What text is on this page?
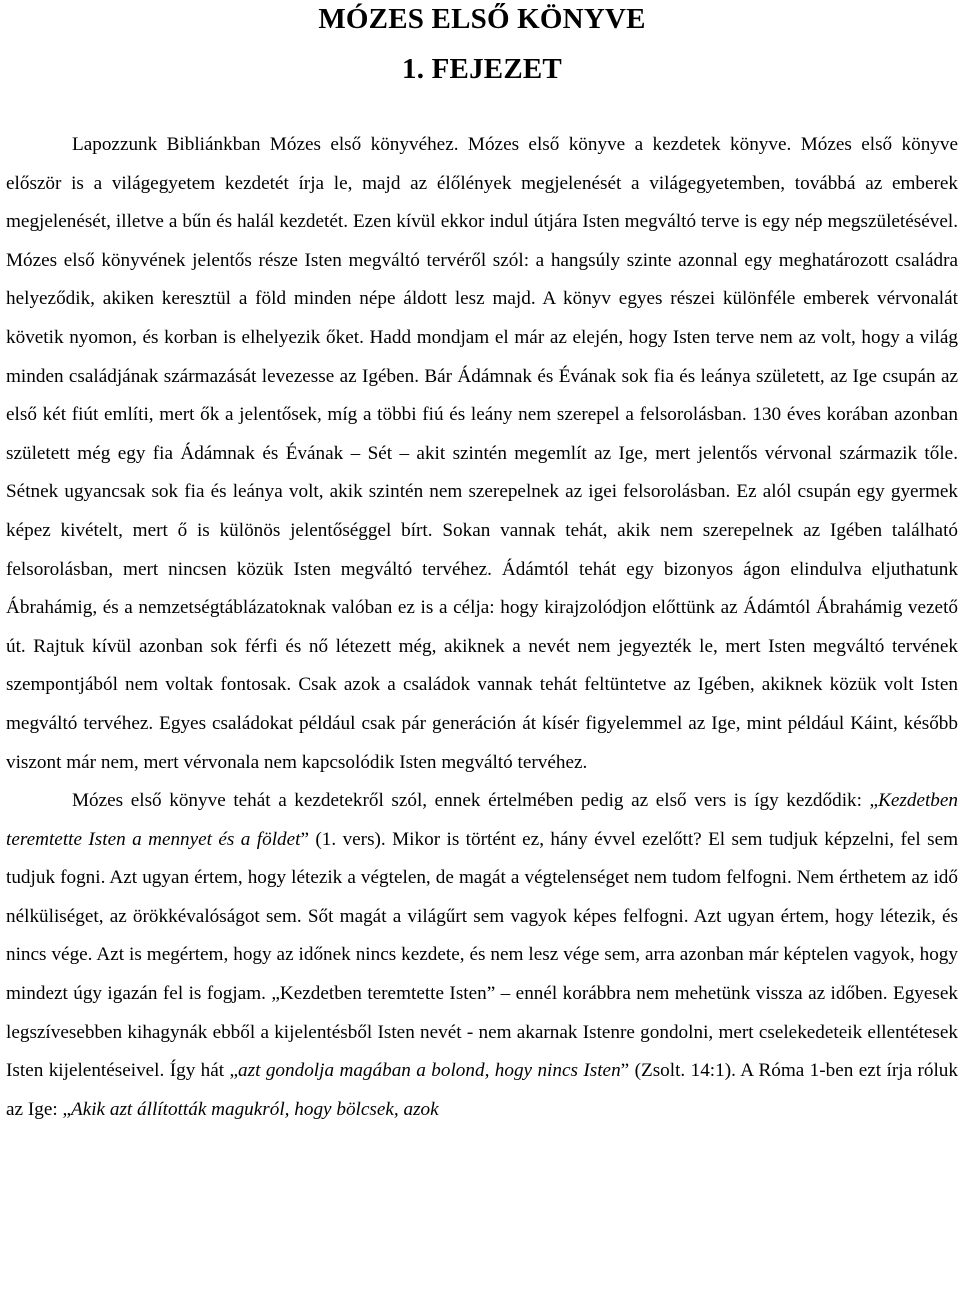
MÓZES ELSŐ KÖNYVE
1. FEJEZET

Lapozzunk Bibliánkban Mózes első könyvéhez. Mózes első könyve a kezdetek könyve. Mózes első könyve először is a világegyetem kezdetét írja le, majd az élőlények megjelenését a világegyetemben, továbbá az emberek megjelenését, illetve a bűn és halál kezdetét. Ezen kívül ekkor indul útjára Isten megváltó terve is egy nép megszületésével. Mózes első könyvének jelentős része Isten megváltó tervéről szól: a hangsúly szinte azonnal egy meghatározott családra helyeződik, akiken keresztül a föld minden népe áldott lesz majd. A könyv egyes részei különféle emberek vérvonalát követik nyomon, és korban is elhelyezik őket. Hadd mondjam el már az elején, hogy Isten terve nem az volt, hogy a világ minden családjának származását levezesse az Igében. Bár Ádámnak és Évának sok fia és leánya született, az Ige csupán az első két fiút említi, mert ők a jelentősek, míg a többi fiú és leány nem szerepel a felsorolásban. 130 éves korában azonban született még egy fia Ádámnak és Évának – Sét – akit szintén megemlít az Ige, mert jelentős vérvonal származik tőle. Sétnek ugyancsak sok fia és leánya volt, akik szintén nem szerepelnek az igei felsorolásban. Ez alól csupán egy gyermek képez kivételt, mert ő is különös jelentőséggel bírt. Sokan vannak tehát, akik nem szerepelnek az Igében található felsorolásban, mert nincsen közük Isten megváltó tervéhez. Ádámtól tehát egy bizonyos ágon elindulva eljuthatunk Ábrahámig, és a nemzetségtáblázatoknak valóban ez is a célja: hogy kirajzolódjon előttünk az Ádámtól Ábrahámig vezető út. Rajtuk kívül azonban sok férfi és nő létezett még, akiknek a nevét nem jegyezték le, mert Isten megváltó tervének szempontjából nem voltak fontosak. Csak azok a családok vannak tehát feltüntetve az Igében, akiknek közük volt Isten megváltó tervéhez. Egyes családokat például csak pár generáción át kísér figyelemmel az Ige, mint például Káint, később viszont már nem, mert vérvonala nem kapcsolódik Isten megváltó tervéhez.

Mózes első könyve tehát a kezdetekről szól, ennek értelmében pedig az első vers is így kezdődik: „Kezdetben teremtette Isten a mennyet és a földet” (1. vers). Mikor is történt ez, hány évvel ezelőtt? El sem tudjuk képzelni, fel sem tudjuk fogni. Azt ugyan értem, hogy létezik a végtelen, de magát a végtelenséget nem tudom felfogni. Nem érthetem az idő nélküliséget, az örökkévalóságot sem. Sőt magát a világűrt sem vagyok képes felfogni. Azt ugyan értem, hogy létezik, és nincs vége. Azt is megértem, hogy az időnek nincs kezdete, és nem lesz vége sem, arra azonban már képtelen vagyok, hogy mindezt úgy igazán fel is fogjam. „Kezdetben teremtette Isten” – ennél korábbra nem mehetünk vissza az időben. Egyesek legszívesebben kihagynák ebből a kijelentésből Isten nevét - nem akarnak Istenre gondolni, mert cselekedeteik ellentétesek Isten kijelentéseivel. Így hát „azt gondolja magában a bolond, hogy nincs Isten” (Zsolt. 14:1). A Róma 1-ben ezt írja róluk az Ige: „Akik azt állították magukról, hogy bölcsek, azok
